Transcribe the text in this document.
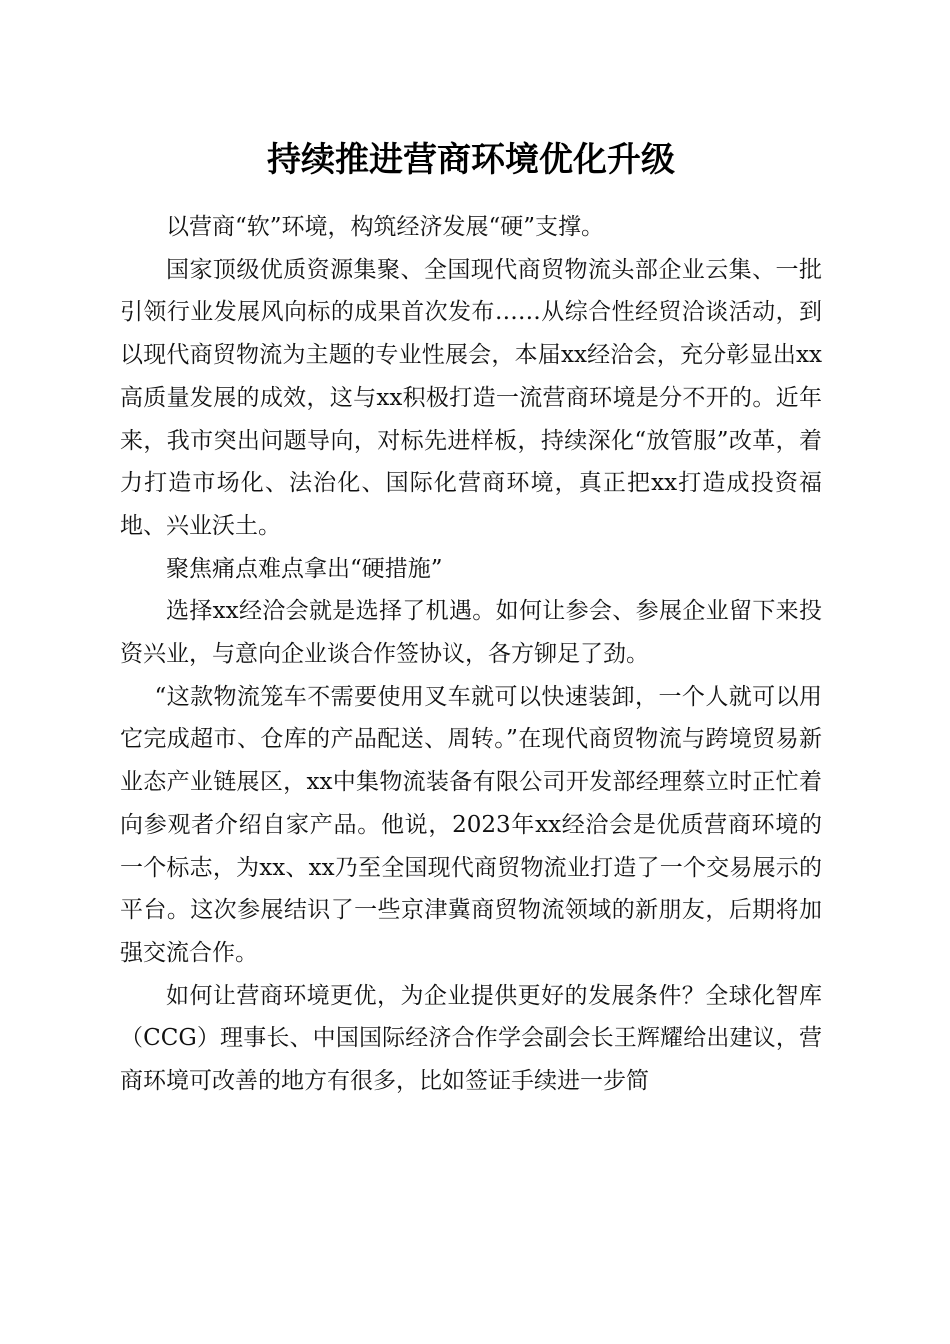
持续推进营商环境优化升级

以营商“软”环境，构筑经济发展“硬”支撑。

国家顶级优质资源集聚、全国现代商贸物流头部企业云集、一批引领行业发展风向标的成果首次发布……从综合性经贸洽谈活动，到以现代商贸物流为主题的专业性展会，本届xx经洽会，充分彰显出xx高质量发展的成效，这与xx积极打造一流营商环境是分不开的。近年来，我市突出问题导向，对标先进样板，持续深化“放管服”改革，着力打造市场化、法治化、国际化营商环境，真正把xx打造成投资福地、兴业沃土。

聚焦痛点难点拿出“硬措施”

选择xx经洽会就是选择了机遇。如何让参会、参展企业留下来投资兴业，与意向企业谈合作签协议，各方铆足了劲。

“这款物流笼车不需要使用叉车就可以快速装卸，一个人就可以用它完成超市、仓库的产品配送、周转。”在现代商贸物流与跨境贸易新业态产业链展区，xx中集物流装备有限公司开发部经理蔡立时正忙着向参观者介绍自家产品。他说，2023年xx经洽会是优质营商环境的一个标志，为xx、xx乃至全国现代商贸物流业打造了一个交易展示的平台。这次参展结识了一些京津冀商贸物流领域的新朋友，后期将加强交流合作。

如何让营商环境更优，为企业提供更好的发展条件？全球化智库（CCG）理事长、中国国际经济合作学会副会长王辉耀给出建议，营商环境可改善的地方有很多，比如签证手续进一步简
